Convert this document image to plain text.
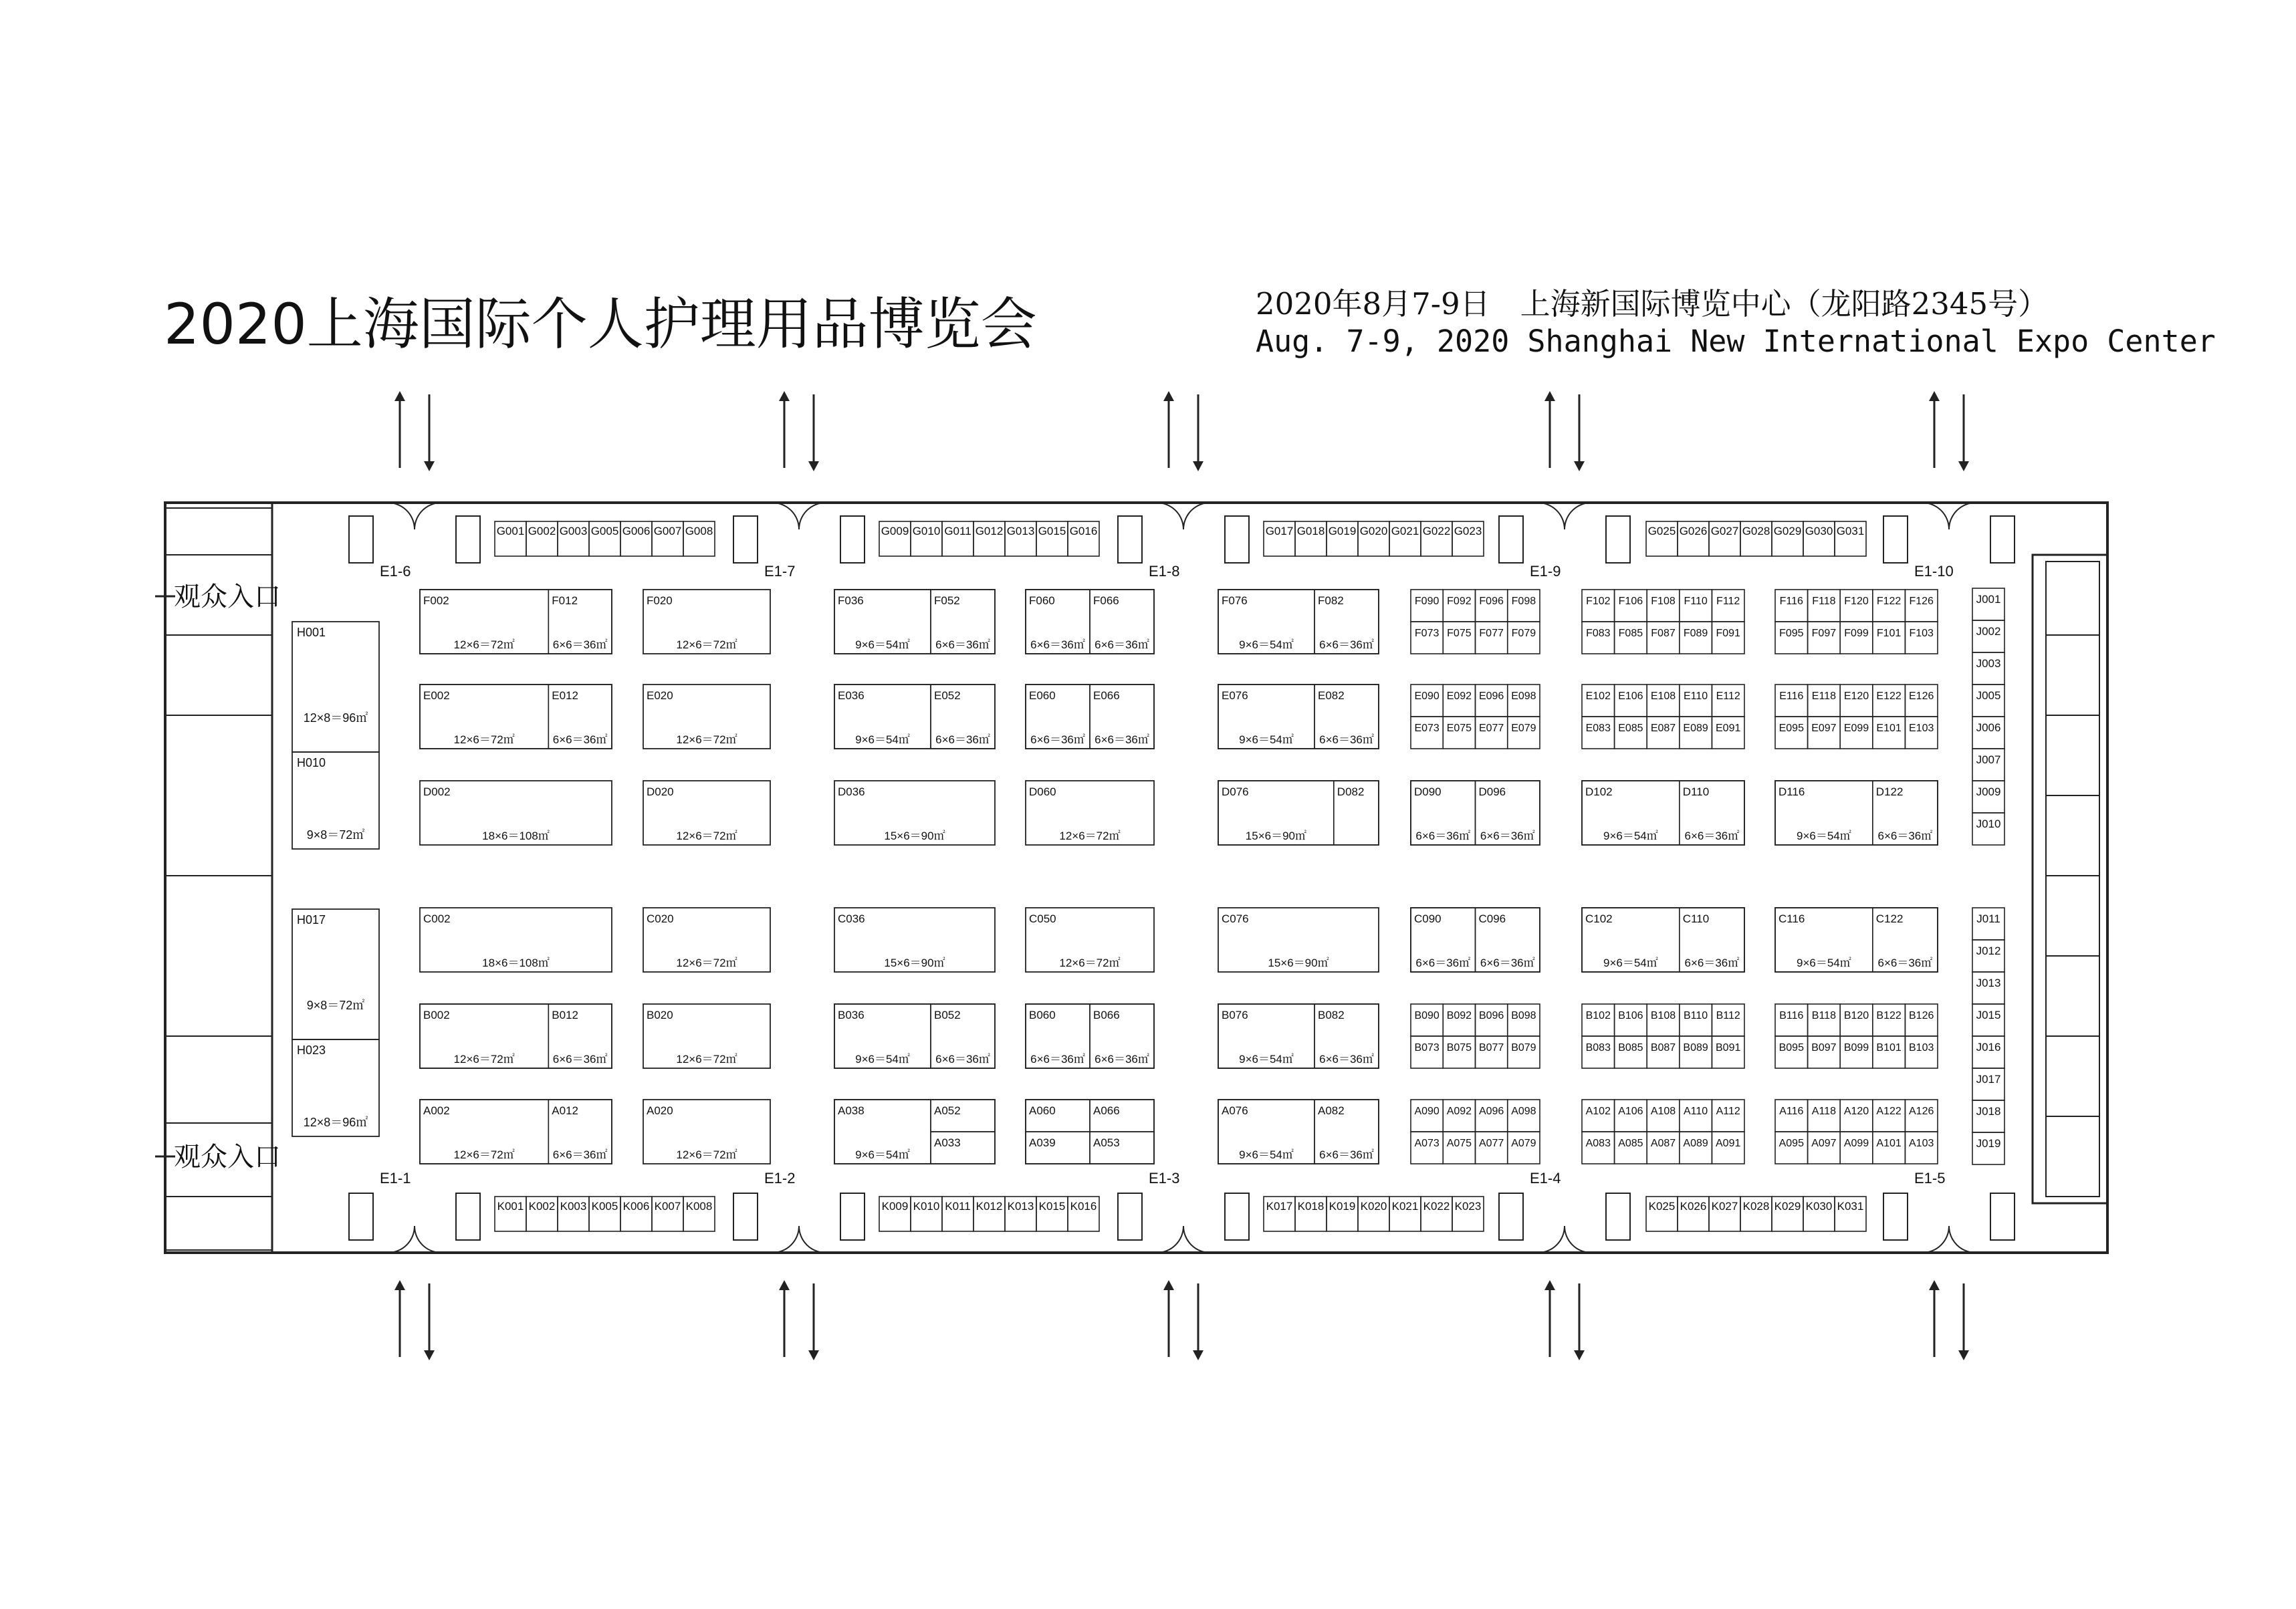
2020上海国际个人护理用品博览会	2020年8月7-9日　上海新国际博览中心（龙阳路2345号）
Aug. 7-9, 2020 Shanghai New International Expo Center
观众入口
观众入口
E1-6	E1-7	E1-8	E1-9	E1-10
E1-1	E1-2	E1-3	E1-4	E1-5
G001 G002 G003 G005 G006 G007 G008	G009 G010 G011 G012 G013 G015 G016	G017 G018 G019 G020 G021 G022 G023	G025 G026 G027 G028 G029 G030 G031
K001 K002 K003 K005 K006 K007 K008	K009 K010 K011 K012 K013 K015 K016	K017 K018 K019 K020 K021 K022 K023	K025 K026 K027 K028 K029 K030 K031
H001
12×8＝96㎡
H010
9×8＝72㎡
H017
9×8＝72㎡
H023
12×8＝96㎡
F002
12×6＝72㎡
F012
6×6＝36㎡
E002
12×6＝72㎡
E012
6×6＝36㎡
D002
18×6＝108㎡
C002
18×6＝108㎡
B002
12×6＝72㎡
B012
6×6＝36㎡
A002
12×6＝72㎡
A012
6×6＝36㎡
F020
12×6＝72㎡
E020
12×6＝72㎡
D020
12×6＝72㎡
C020
12×6＝72㎡
B020
12×6＝72㎡
A020
12×6＝72㎡
F036
9×6＝54㎡
F052
6×6＝36㎡
E036
9×6＝54㎡
E052
6×6＝36㎡
D036
15×6＝90㎡
C036
15×6＝90㎡
B036
9×6＝54㎡
B052
6×6＝36㎡
A038
9×6＝54㎡
A052
A033
F060
6×6＝36㎡
F066
6×6＝36㎡
E060
6×6＝36㎡
E066
6×6＝36㎡
D060
12×6＝72㎡
C050
12×6＝72㎡
B060
6×6＝36㎡
B066
6×6＝36㎡
A060	A066
A039	A053
F076
9×6＝54㎡
F082
6×6＝36㎡
E076
9×6＝54㎡
E082
6×6＝36㎡
D076
15×6＝90㎡
D082
C076
15×6＝90㎡
B076
9×6＝54㎡
B082
6×6＝36㎡
A076
9×6＝54㎡
A082
6×6＝36㎡
F090 F092 F096 F098
F073 F075 F077 F079
E090 E092 E096 E098
E073 E075 E077 E079
D090
6×6＝36㎡
D096
6×6＝36㎡
C090
6×6＝36㎡
C096
6×6＝36㎡
B090 B092 B096 B098
B073 B075 B077 B079
A090 A092 A096 A098
A073 A075 A077 A079
F102 F106 F108 F110 F112
F083 F085 F087 F089 F091
E102 E106 E108 E110 E112
E083 E085 E087 E089 E091
D102
9×6＝54㎡
D110
6×6＝36㎡
C102
9×6＝54㎡
C110
6×6＝36㎡
B102 B106 B108 B110 B112
B083 B085 B087 B089 B091
A102 A106 A108 A110 A112
A083 A085 A087 A089 A091
F116 F118 F120 F122 F126
F095 F097 F099 F101 F103
E116 E118 E120 E122 E126
E095 E097 E099 E101 E103
D116
9×6＝54㎡
D122
6×6＝36㎡
C116
9×6＝54㎡
C122
6×6＝36㎡
B116 B118 B120 B122 B126
B095 B097 B099 B101 B103
A116 A118 A120 A122 A126
A095 A097 A099 A101 A103
J001
J002
J003
J005
J006
J007
J009
J010
J011
J012
J013
J015
J016
J017
J018
J019
